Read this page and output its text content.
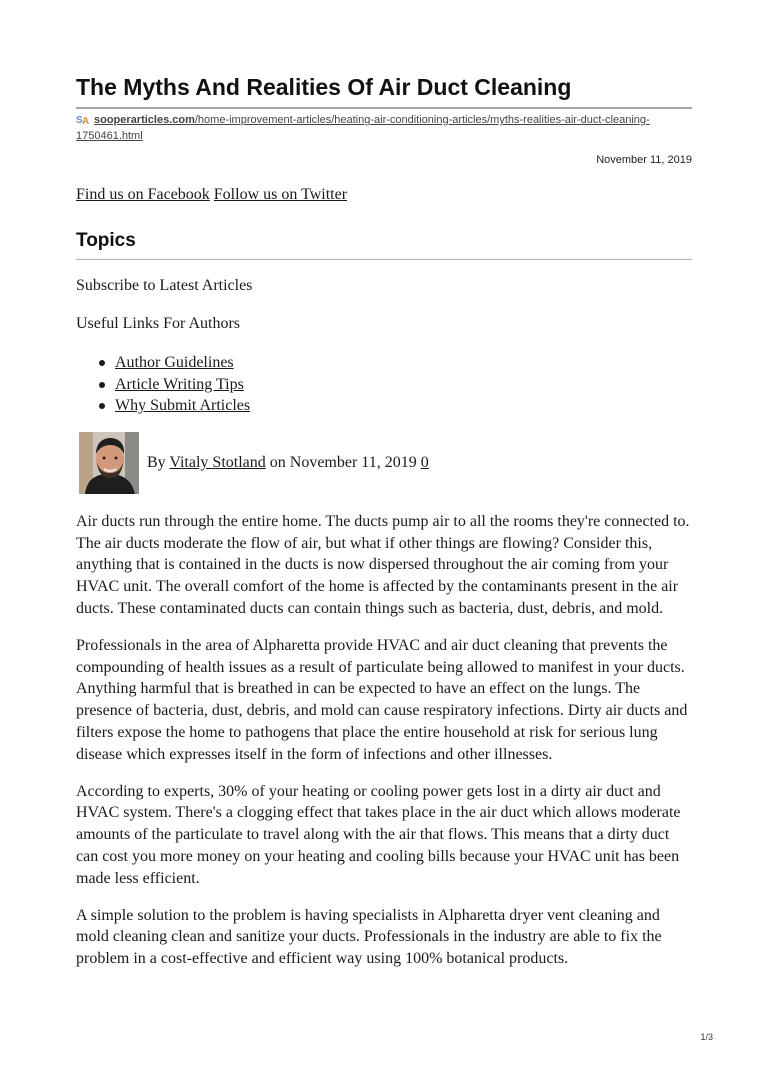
The Myths And Realities Of Air Duct Cleaning
S A sooperarticles.com/home-improvement-articles/heating-air-conditioning-articles/myths-realities-air-duct-cleaning-1750461.html
November 11, 2019
Find us on Facebook Follow us on Twitter
Topics
Subscribe to Latest Articles
Useful Links For Authors
Author Guidelines
Article Writing Tips
Why Submit Articles
By Vitaly Stotland on November 11, 2019 0

Air ducts run through the entire home. The ducts pump air to all the rooms they're connected to. The air ducts moderate the flow of air, but what if other things are flowing? Consider this, anything that is contained in the ducts is now dispersed throughout the air coming from your HVAC unit. The overall comfort of the home is affected by the contaminants present in the air ducts. These contaminated ducts can contain things such as bacteria, dust, debris, and mold.

Professionals in the area of Alpharetta provide HVAC and air duct cleaning that prevents the compounding of health issues as a result of particulate being allowed to manifest in your ducts. Anything harmful that is breathed in can be expected to have an effect on the lungs. The presence of bacteria, dust, debris, and mold can cause respiratory infections. Dirty air ducts and filters expose the home to pathogens that place the entire household at risk for serious lung disease which expresses itself in the form of infections and other illnesses.

According to experts, 30% of your heating or cooling power gets lost in a dirty air duct and HVAC system. There's a clogging effect that takes place in the air duct which allows moderate amounts of the particulate to travel along with the air that flows. This means that a dirty duct can cost you more money on your heating and cooling bills because your HVAC unit has been made less efficient.

A simple solution to the problem is having specialists in Alpharetta dryer vent cleaning and mold cleaning clean and sanitize your ducts. Professionals in the industry are able to fix the problem in a cost-effective and efficient way using 100% botanical products.

1/3
